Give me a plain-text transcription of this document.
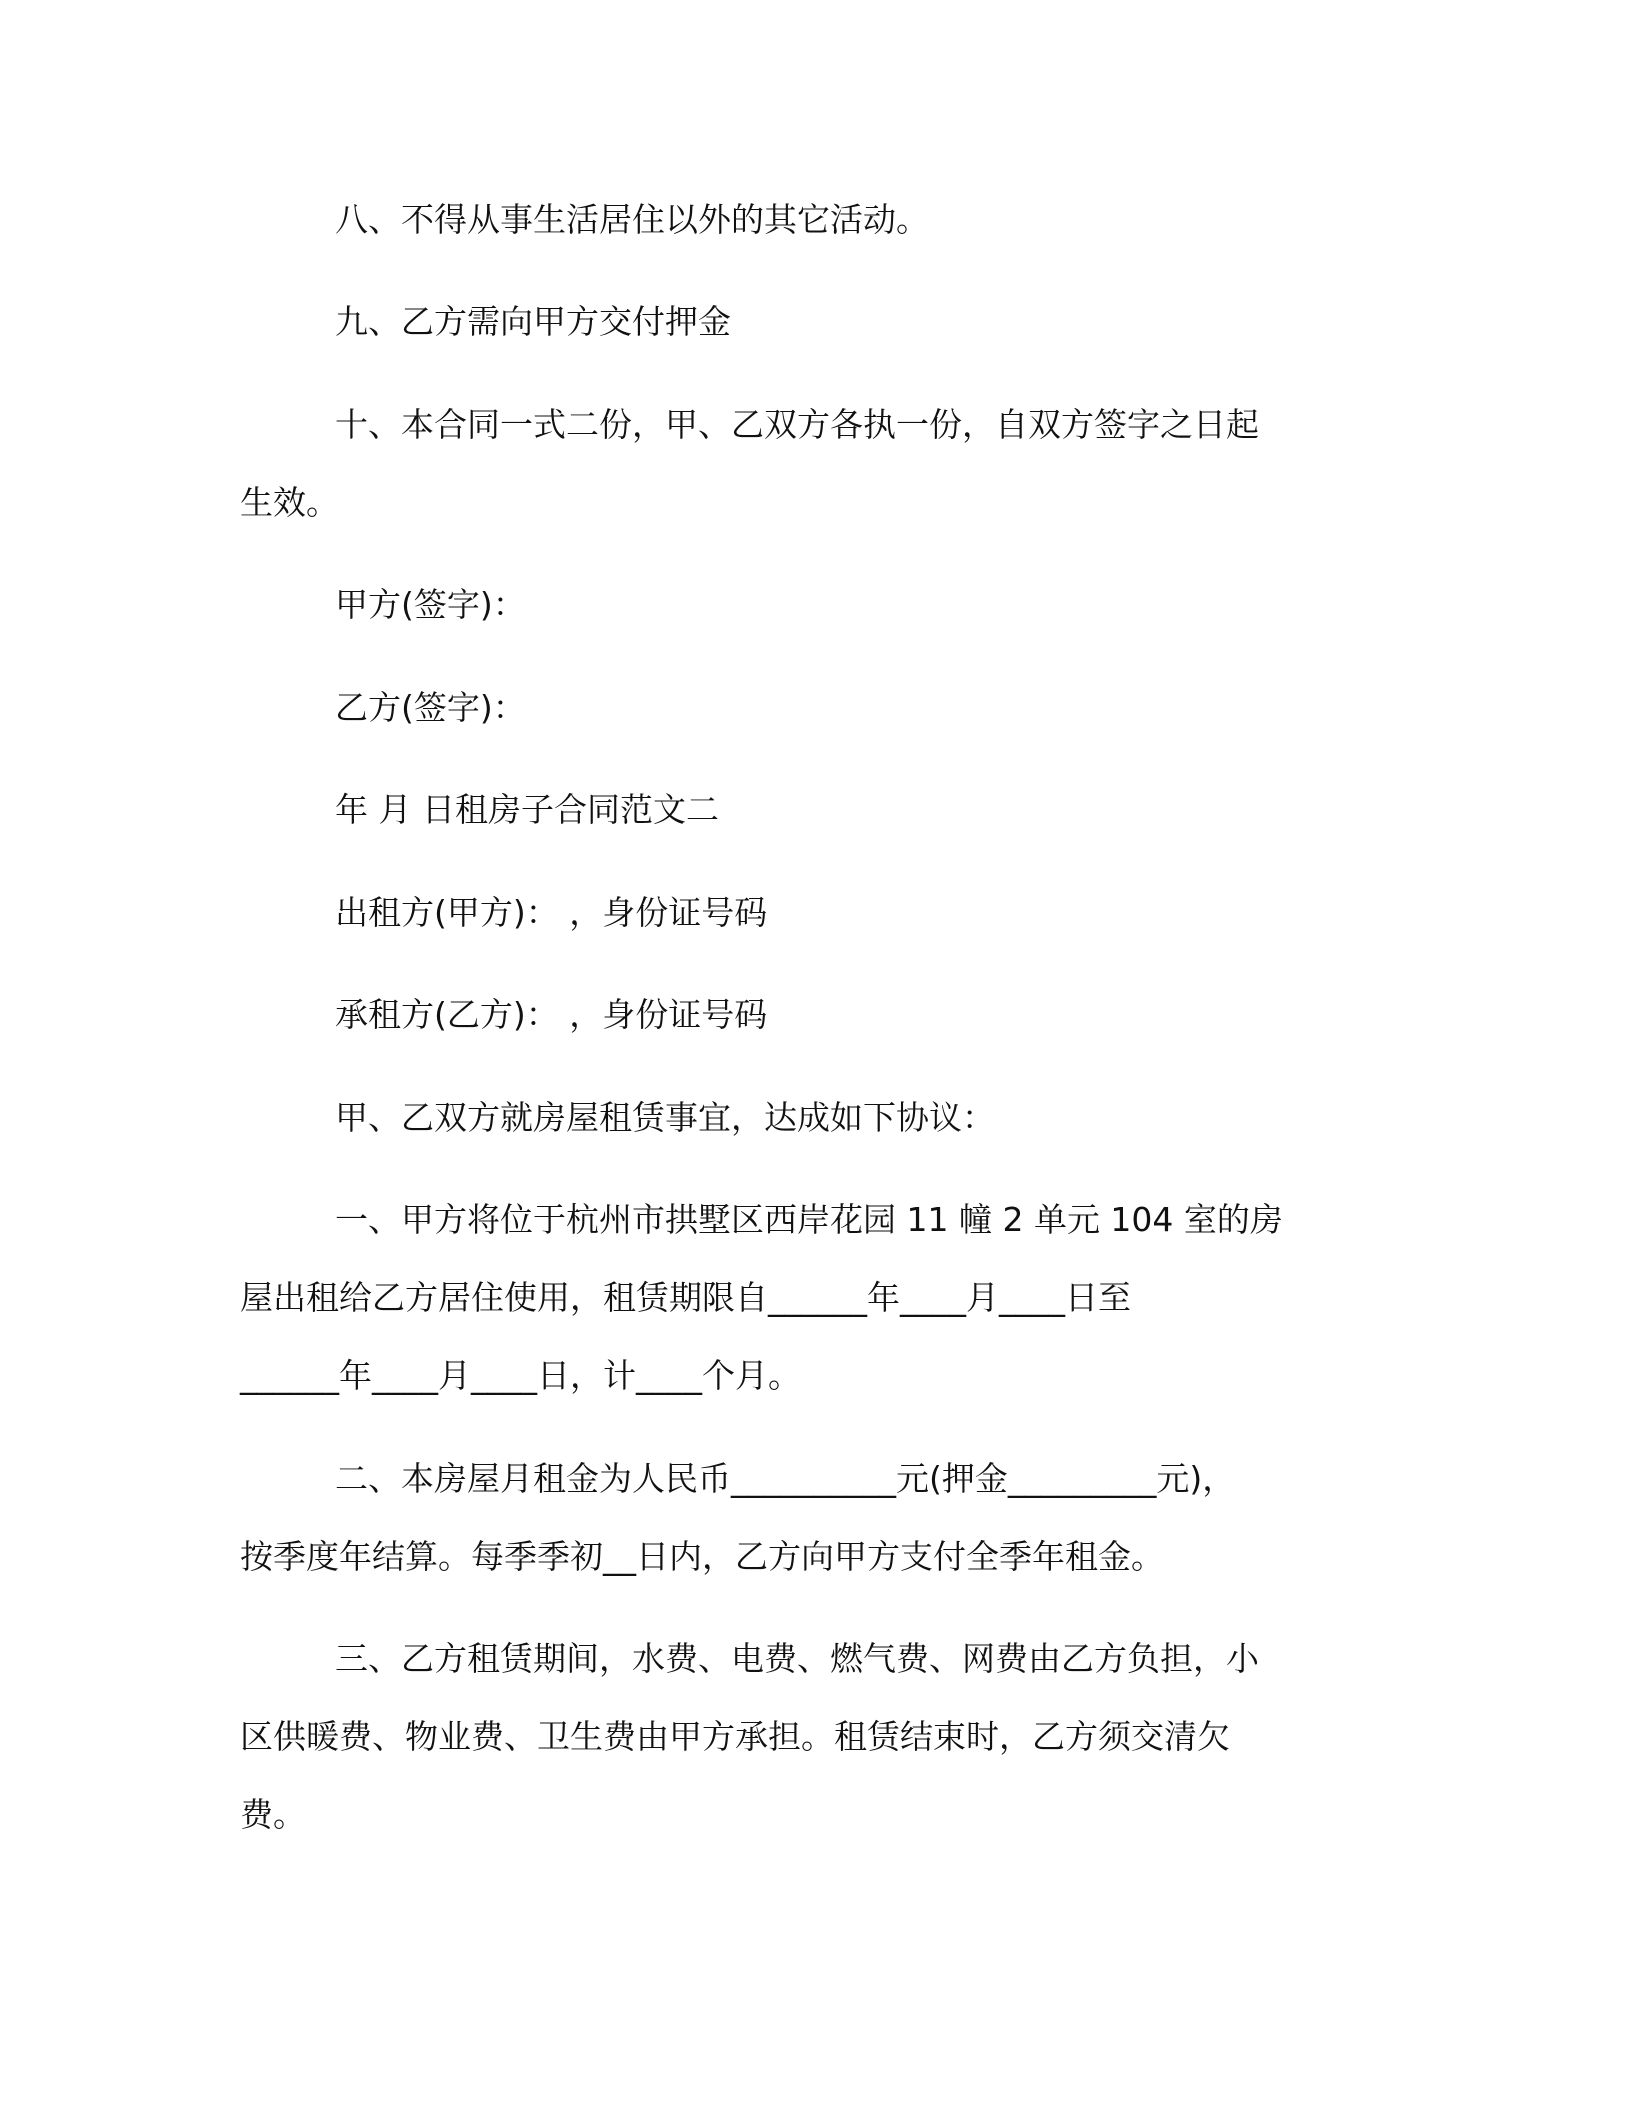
八、不得从事生活居住以外的其它活动。
九、乙方需向甲方交付押金
十、本合同一式二份，甲、乙双方各执一份，自双方签字之日起
生效。
甲方(签字)：
乙方(签字)：
年 月 日租房子合同范文二
出租方(甲方)： ，身份证号码
承租方(乙方)： ，身份证号码
甲、乙双方就房屋租赁事宜，达成如下协议：
一、甲方将位于杭州市拱墅区西岸花园 11 幢 2 单元 104 室的房
屋出租给乙方居住使用，租赁期限自______年____月____日至
______年____月____日，计____个月。
二、本房屋月租金为人民币__________元(押金_________元)，
按季度年结算。每季季初__日内，乙方向甲方支付全季年租金。
三、乙方租赁期间，水费、电费、燃气费、网费由乙方负担，小
区供暖费、物业费、卫生费由甲方承担。租赁结束时，乙方须交清欠
费。
